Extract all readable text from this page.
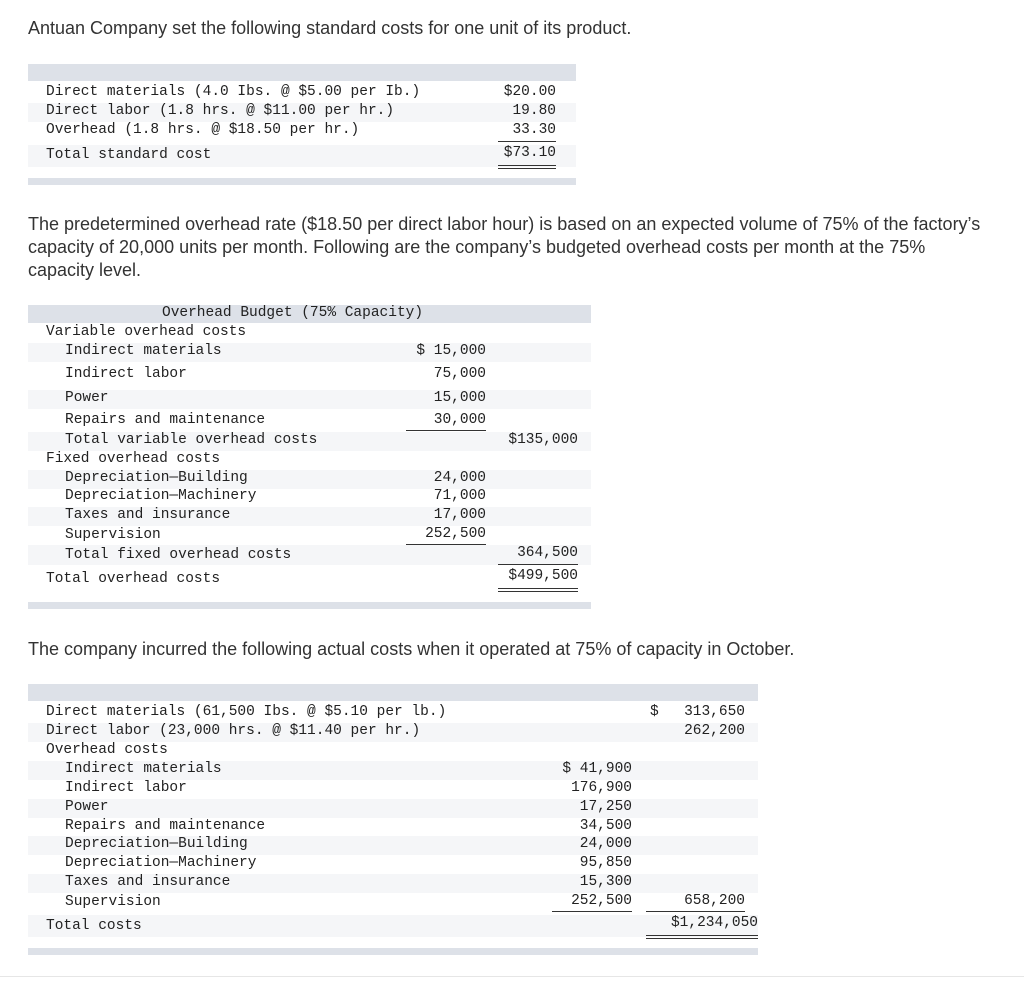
Antuan Company set the following standard costs for one unit of its product.
Direct materials (4.0 Ibs. @ $5.00 per Ib.)	$20.00
Direct labor (1.8 hrs. @ $11.00 per hr.)	19.80
Overhead (1.8 hrs. @ $18.50 per hr.)	33.30
Total standard cost	$73.10
The predetermined overhead rate ($18.50 per direct labor hour) is based on an expected volume of 75% of the factory’s capacity of 20,000 units per month. Following are the company’s budgeted overhead costs per month at the 75% capacity level.
Overhead Budget (75% Capacity)
Variable overhead costs
Indirect materials	$ 15,000
Indirect labor	75,000
Power	15,000
Repairs and maintenance	30,000
Total variable overhead costs	$135,000
Fixed overhead costs
Depreciation—Building	24,000
Depreciation—Machinery	71,000
Taxes and insurance	17,000
Supervision	252,500
Total fixed overhead costs	364,500
Total overhead costs	$499,500
The company incurred the following actual costs when it operated at 75% of capacity in October.
Direct materials (61,500 Ibs. @ $5.10 per lb.)	$	313,650
Direct labor (23,000 hrs. @ $11.40 per hr.)	262,200
Overhead costs
Indirect materials	$ 41,900
Indirect labor	176,900
Power	17,250
Repairs and maintenance	34,500
Depreciation—Building	24,000
Depreciation—Machinery	95,850
Taxes and insurance	15,300
Supervision	252,500	658,200
Total costs	$1,234,050
